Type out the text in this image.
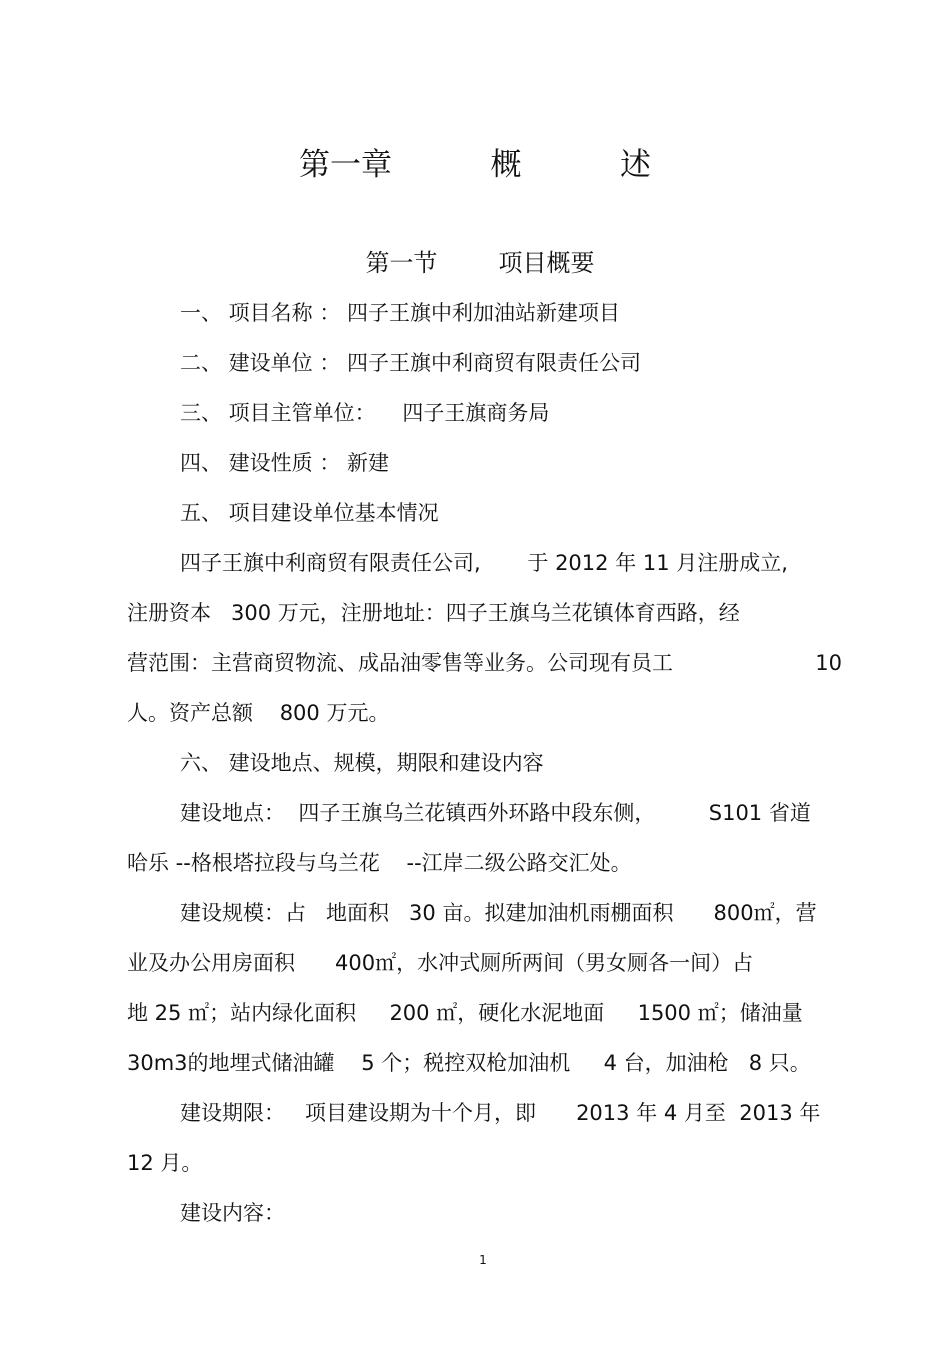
第一章          概          述
第一节        项目概要
一、 项目名称 ： 四子王旗中利加油站新建项目
二、 建设单位 ： 四子王旗中利商贸有限责任公司
三、 项目主管单位：    四子王旗商务局
四、 建设性质 ： 新建
五、 项目建设单位基本情况
四子王旗中利商贸有限责任公司,       于 2012 年 11 月注册成立,
注册资本   300 万元，注册地址：四子王旗乌兰花镇体育西路，经
营范围：主营商贸物流、成品油零售等业务。公司现有员工	10
人。资产总额    800 万元。
六、 建设地点、规模，期限和建设内容
建设地点：  四子王旗乌兰花镇西外环路中段东侧，        S101 省道
哈乐 --格根塔拉段与乌兰花    --江岸二级公路交汇处。
建设规模：占   地面积   30 亩。拟建加油机雨棚面积      800㎡，营
业及办公用房面积      400㎡，水冲式厕所两间（男女厕各一间）占
地 25 ㎡；站内绿化面积     200 ㎡，硬化水泥地面     1500 ㎡；储油量
30m3的地埋式储油罐    5 个；税控双枪加油机     4 台，加油枪   8 只。
建设期限：   项目建设期为十个月，即      2013 年 4 月至  2013 年
12 月。
建设内容：
1
